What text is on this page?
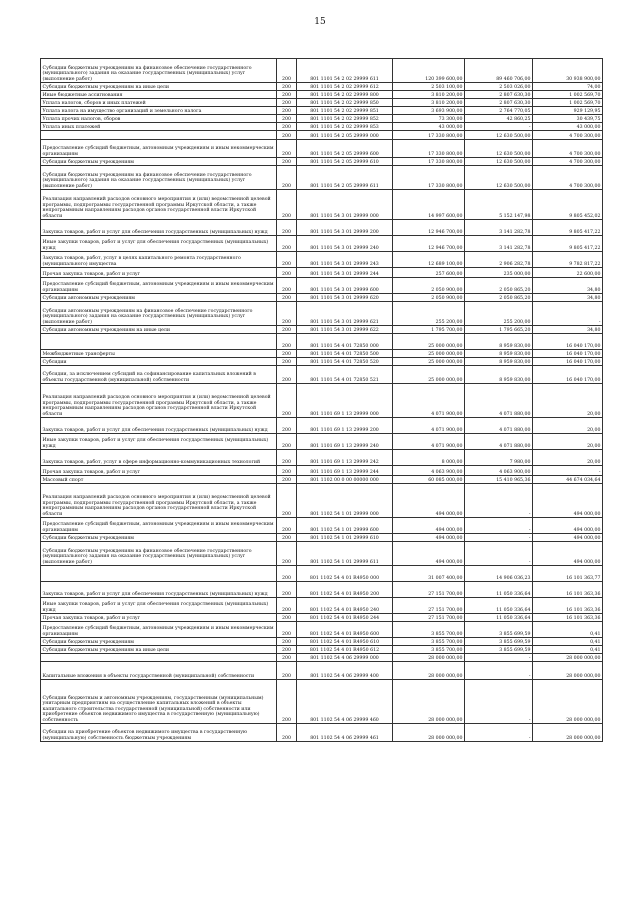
15
Субсидии бюджетным учреждениям на финансовое обеспечение государственного (муниципального) задания на оказание государственных (муниципальных) услуг (выполнение работ)	200	801 1101 54 2 02 29999 611	120 399 600,00	89 460 706,00	30 938 900,00
Субсидии бюджетным учреждениям на иные цели	200	801 1101 54 2 02 29999 612	2 503 100,00	2 503 026,00	74,00
Иные бюджетные ассигнования	200	801 1101 54 2 02 29999 800	3 810 200,00	2 807 630,30	1 002 569,70
Уплата налогов, сборов и иных платежей	200	801 1101 54 2 02 29999 850	3 810 200,00	2 807 630,30	1 002 569,70
Уплата налога на имущество организаций и земельного налога	200	801 1101 54 2 02 29999 851	3 693 900,00	2 764 770,05	929 129,95
Уплата прочих налогов, сборов	200	801 1101 54 2 02 29999 852	73 300,00	42 860,25	30 439,75
Уплата иных платежей	200	801 1101 54 2 02 29999 853	43 000,00	-	43 000,00
	200	801 1101 54 2 05 29999 000	17 330 800,00	12 630 500,00	4 700 300,00
Предоставление субсидий бюджетным, автономным учреждениям и иным некоммерческим организациям	200	801 1101 54 2 05 29999 600	17 330 800,00	12 630 500,00	4 700 300,00
Субсидии бюджетным учреждениям	200	801 1101 54 2 05 29999 610	17 330 800,00	12 630 500,00	4 700 300,00
Субсидии бюджетным учреждениям на финансовое обеспечение государственного (муниципального) задания на оказание государственных (муниципальных) услуг (выполнение работ)	200	801 1101 54 2 05 29999 611	17 330 800,00	12 630 500,00	4 700 300,00
Реализация направлений расходов основного мероприятия и (или) ведомственной целевой программы, подпрограммы государственной программы Иркутской области, а также непрограммным направлениям расходов органов государственной власти Иркутской области	200	801 1101 54 3 01 29999 000	14 997 600,00	5 152 147,98	9 805 452,02
Закупка товаров, работ и услуг для обеспечения государственных (муниципальных) нужд	200	801 1101 54 3 01 29999 200	12 946 700,00	3 141 282,78	9 805 417,22
Иные закупки товаров, работ и услуг для обеспечения государственных (муниципальных) нужд	200	801 1101 54 3 01 29999 240	12 946 700,00	3 141 282,78	9 805 417,22
Закупка товаров, работ, услуг в целях капитального ремонта государственного (муниципального) имущества	200	801 1101 54 3 01 29999 243	12 689 100,00	2 906 282,78	9 782 817,22
Прочая закупка товаров, работ и услуг	200	801 1101 54 3 01 29999 244	257 600,00	235 000,00	22 600,00
Предоставление субсидий бюджетным, автономным учреждениям и иным некоммерческим организациям	200	801 1101 54 3 01 29999 600	2 050 900,00	2 050 865,20	34,80
Субсидии автономным учреждениям	200	801 1101 54 3 01 29999 620	2 050 900,00	2 050 865,20	34,80
Субсидии автономным учреждениям на финансовое обеспечение государственного (муниципального) задания на оказание государственных (муниципальных) услуг (выполнение работ)	200	801 1101 54 3 01 29999 621	255 200,00	255 200,00	-
Субсидии автономным учреждениям на иные цели	200	801 1101 54 3 01 29999 622	1 795 700,00	1 795 665,20	34,80
	200	801 1101 54 4 01 72850 000	25 000 000,00	8 959 830,00	16 040 170,00
Межбюджетные трансферты	200	801 1101 54 4 01 72850 500	25 000 000,00	8 959 830,00	16 040 170,00
Субсидии	200	801 1101 54 4 01 72850 520	25 000 000,00	8 959 830,00	16 040 170,00
Субсидии, за исключением субсидий на софинансирование капитальных вложений в объекты государственной (муниципальной) собственности	200	801 1101 54 4 01 72850 521	25 000 000,00	8 959 830,00	16 040 170,00
Реализация направлений расходов основного мероприятия и (или) ведомственной целевой программы, подпрограммы государственной программы Иркутской области, а также непрограммным направлениям расходов органов государственной власти Иркутской области	200	801 1101 69 1 13 29999 000	4 071 900,00	4 071 880,00	20,00
Закупка товаров, работ и услуг для обеспечения государственных (муниципальных) нужд	200	801 1101 69 1 13 29999 200	4 071 900,00	4 071 880,00	20,00
Иные закупки товаров, работ и услуг для обеспечения государственных (муниципальных) нужд	200	801 1101 69 1 13 29999 240	4 071 900,00	4 071 880,00	20,00
Закупка товаров, работ, услуг в сфере информационно-коммуникационных технологий	200	801 1101 69 1 13 29999 242	8 000,00	7 980,00	20,00
Прочая закупка товаров, работ и услуг	200	801 1101 69 1 13 29999 244	4 063 900,00	4 063 900,00	-
Массовый спорт	200	801 1102 00 0 00 00000 000	60 085 000,00	15 410 965,36	44 674 034,64
Реализация направлений расходов основного мероприятия и (или) ведомственной целевой программы, подпрограммы государственной программы Иркутской области, а также непрограммным направлениям расходов органов государственной власти Иркутской области	200	801 1102 54 1 01 29999 000	494 000,00	-	494 000,00
Предоставление субсидий бюджетным, автономным учреждениям и иным некоммерческим организациям	200	801 1102 54 1 01 29999 600	494 000,00	-	494 000,00
Субсидии бюджетным учреждениям	200	801 1102 54 1 01 29999 610	494 000,00	-	494 000,00
Субсидии бюджетным учреждениям на финансовое обеспечение государственного (муниципального) задания на оказание государственных (муниципальных) услуг (выполнение работ)	200	801 1102 54 1 01 29999 611	494 000,00	-	494 000,00
	200	801 1102 54 4 01 R4950 000	31 007 400,00	14 906 036,23	16 101 363,77
Закупка товаров, работ и услуг для обеспечения государственных (муниципальных) нужд	200	801 1102 54 4 01 R4950 200	27 151 700,00	11 050 336,64	16 101 363,36
Иные закупки товаров, работ и услуг для обеспечения государственных (муниципальных) нужд	200	801 1102 54 4 01 R4950 240	27 151 700,00	11 050 336,64	16 101 363,36
Прочая закупка товаров, работ и услуг	200	801 1102 54 4 01 R4950 244	27 151 700,00	11 050 336,64	16 101 363,36
Предоставление субсидий бюджетным, автономным учреждениям и иным некоммерческим организациям	200	801 1102 54 4 01 R4950 600	3 855 700,00	3 855 699,59	0,41
Субсидии бюджетным учреждениям	200	801 1102 54 4 01 R4950 610	3 855 700,00	3 855 699,59	0,41
Субсидии бюджетным учреждениям на иные цели	200	801 1102 54 4 01 R4950 612	3 855 700,00	3 855 699,59	0,41
	200	801 1102 54 4 06 29999 000	28 000 000,00	-	28 000 000,00
Капитальные вложения в объекты государственной (муниципальной) собственности	200	801 1102 54 4 06 29999 400	28 000 000,00	-	28 000 000,00
Субсидии бюджетным и автономным учреждениям, государственным (муниципальным) унитарным предприятиям на осуществление капитальных вложений в объекты капитального строительства государственной (муниципальной) собственности или приобретение объектов недвижимого имущества в государственную (муниципальную) собственность	200	801 1102 54 4 06 29999 460	28 000 000,00	-	28 000 000,00
Субсидии на приобретение объектов недвижимого имущества в государственную (муниципальную) собственность бюджетным учреждениям	200	801 1102 54 4 06 29999 461	28 000 000,00	-	28 000 000,00
